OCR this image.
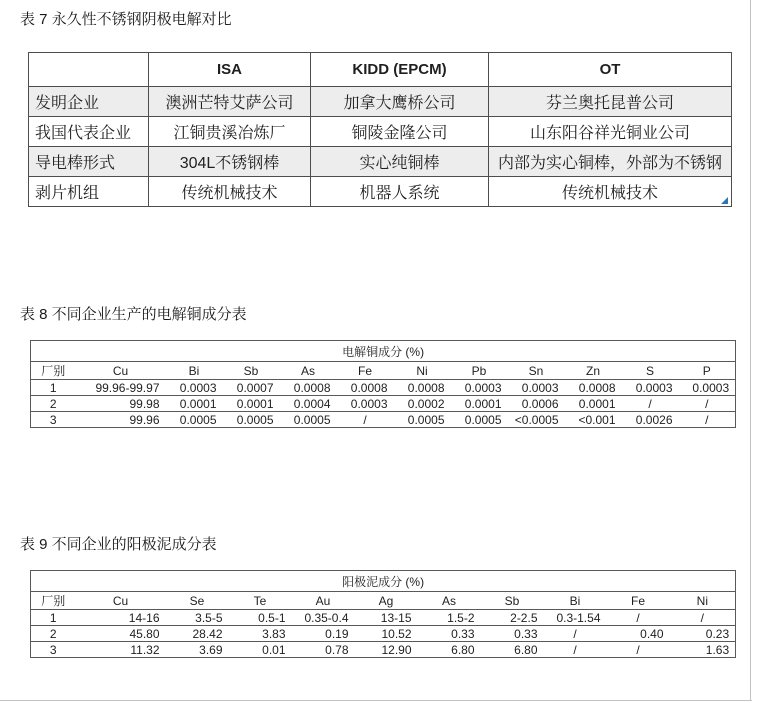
表 7 永久性不锈钢阴极电解对比
	ISA	KIDD (EPCM)	OT
发明企业	澳洲芒特艾萨公司	加拿大鹰桥公司	芬兰奥托昆普公司
我国代表企业	江铜贵溪冶炼厂	铜陵金隆公司	山东阳谷祥光铜业公司
导电棒形式	304L不锈钢棒	实心纯铜棒	内部为实心铜棒，外部为不锈钢
剥片机组	传统机械技术	机器人系统	传统机械技术
表 8 不同企业生产的电解铜成分表
电解铜成分 (%)											
厂别	Cu	Bi	Sb	As	Fe	Ni	Pb	Sn	Zn	S	P
1	99.96-99.97	0.0003	0.0007	0.0008	0.0008	0.0008	0.0003	0.0003	0.0008	0.0003	0.0003
2	99.98	0.0001	0.0001	0.0004	0.0003	0.0002	0.0001	0.0006	0.0001	/	/
3	99.96	0.0005	0.0005	0.0005	/	0.0005	0.0005	<0.0005	<0.001	0.0026	/
表 9 不同企业的阳极泥成分表
阳极泥成分 (%)										
厂别	Cu	Se	Te	Au	Ag	As	Sb	Bi	Fe	Ni
1	14-16	3.5-5	0.5-1	0.35-0.4	13-15	1.5-2	2-2.5	0.3-1.54	/	/
2	45.80	28.42	3.83	0.19	10.52	0.33	0.33	/	0.40	0.23
3	11.32	3.69	0.01	0.78	12.90	6.80	6.80	/	/	1.63
